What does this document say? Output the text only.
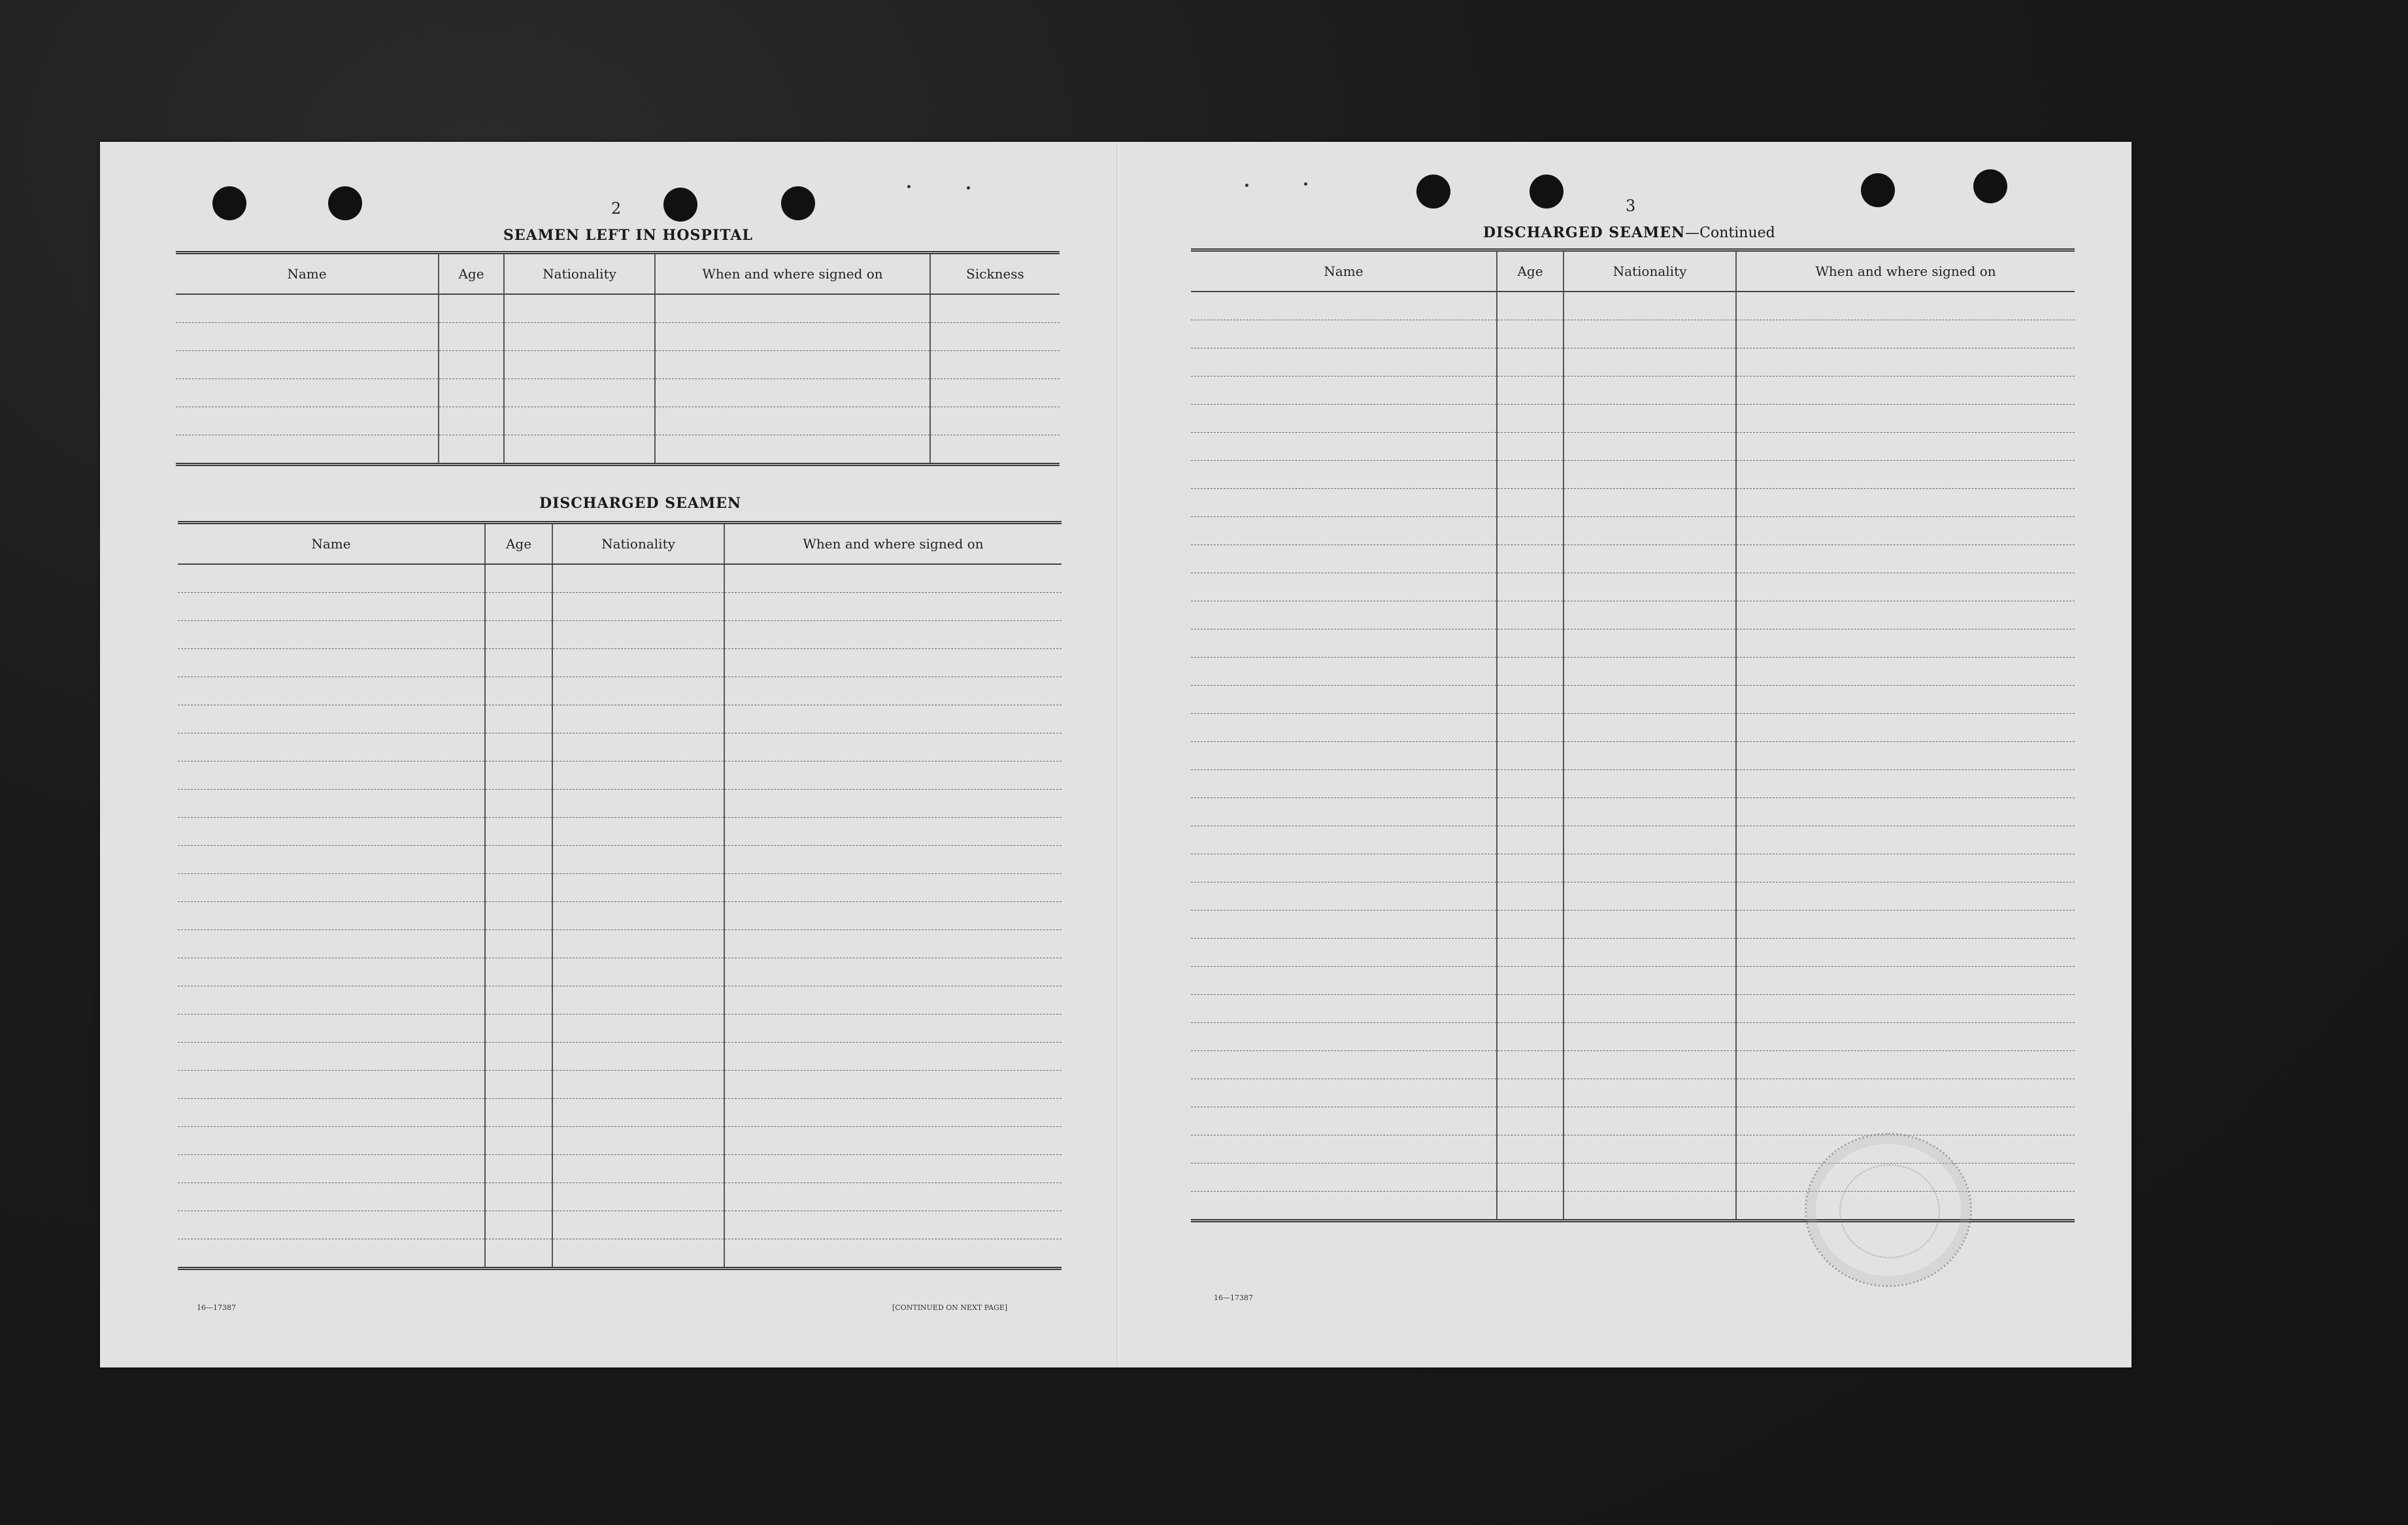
2
SEAMEN LEFT IN HOSPITAL
Name	Age	Nationality	When and where signed on	Sickness

DISCHARGED SEAMEN
Name	Age	Nationality	When and where signed on

16—17387	[CONTINUED ON NEXT PAGE]
3
DISCHARGED SEAMEN—Continued
Name	Age	Nationality	When and where signed on

16—17387
